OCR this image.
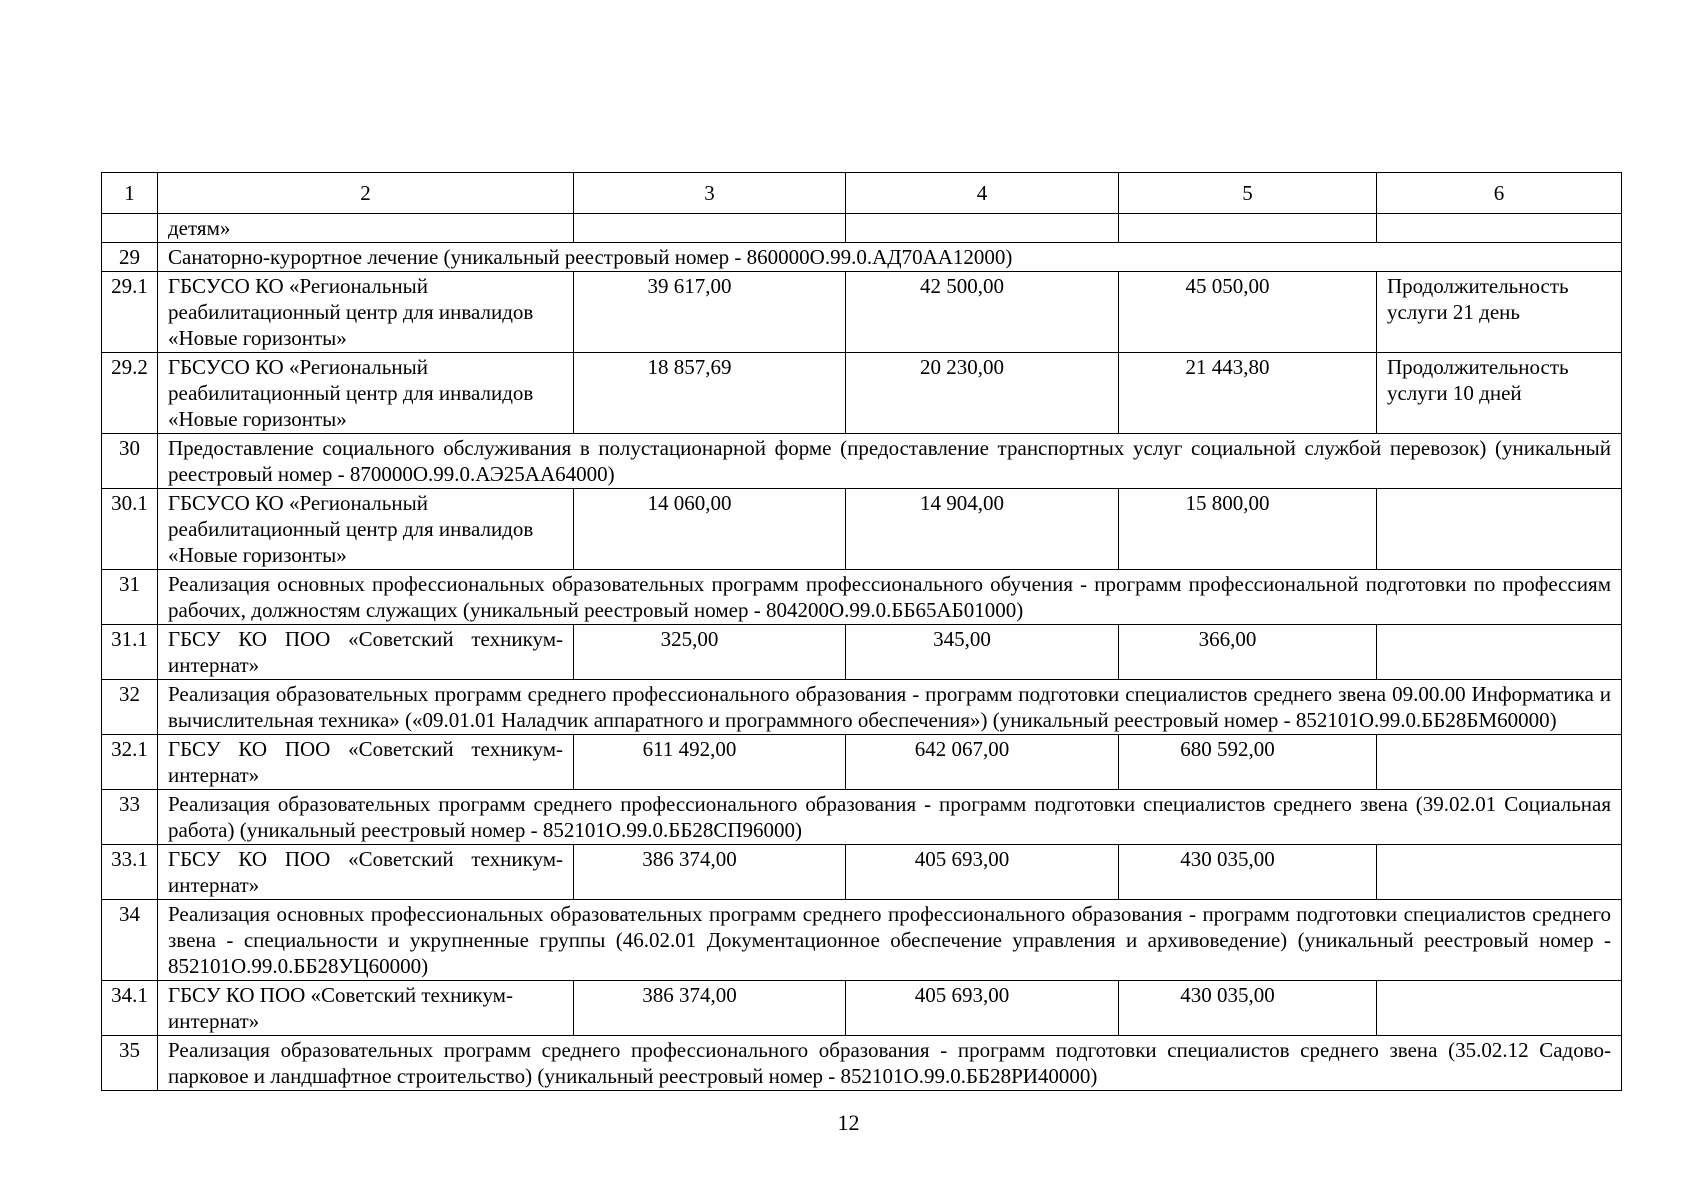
1	2	3	4	5	6
	детям»				
29	Санаторно-курортное лечение (уникальный реестровый номер - 860000О.99.0.АД70АА12000)				
29.1	ГБСУСО КО «Региональный реабилитационный центр для инвалидов «Новые горизонты»	39 617,00	42 500,00	45 050,00	Продолжительность услуги 21 день
29.2	ГБСУСО КО «Региональный реабилитационный центр для инвалидов «Новые горизонты»	18 857,69	20 230,00	21 443,80	Продолжительность услуги 10 дней
30	Предоставление социального обслуживания в полустационарной форме (предоставление транспортных услуг социальной службой перевозок) (уникальный реестровый номер - 870000О.99.0.АЭ25АА64000)				
30.1	ГБСУСО КО «Региональный реабилитационный центр для инвалидов «Новые горизонты»	14 060,00	14 904,00	15 800,00	
31	Реализация основных профессиональных образовательных программ профессионального обучения - программ профессиональной подготовки по профессиям рабочих, должностям служащих (уникальный реестровый номер - 804200О.99.0.ББ65АБ01000)				
31.1	ГБСУ КО ПОО «Советский техникум-интернат»	325,00	345,00	366,00	
32	Реализация образовательных программ среднего профессионального образования - программ подготовки специалистов среднего звена 09.00.00 Информатика и вычислительная техника» («09.01.01 Наладчик аппаратного и программного обеспечения») (уникальный реестровый номер - 852101О.99.0.ББ28БМ60000)				
32.1	ГБСУ КО ПОО «Советский техникум-интернат»	611 492,00	642 067,00	680 592,00	
33	Реализация образовательных программ среднего профессионального образования - программ подготовки специалистов среднего звена (39.02.01 Социальная работа) (уникальный реестровый номер - 852101О.99.0.ББ28СП96000)				
33.1	ГБСУ КО ПОО «Советский техникум-интернат»	386 374,00	405 693,00	430 035,00	
34	Реализация основных профессиональных образовательных программ среднего профессионального образования - программ подготовки специалистов среднего звена - специальности и укрупненные группы (46.02.01 Документационное обеспечение управления и архивоведение) (уникальный реестровый номер - 852101О.99.0.ББ28УЦ60000)				
34.1	ГБСУ КО ПОО «Советский техникум-интернат»	386 374,00	405 693,00	430 035,00	
35	Реализация образовательных программ среднего профессионального образования - программ подготовки специалистов среднего звена (35.02.12 Садово-парковое и ландшафтное строительство) (уникальный реестровый номер - 852101О.99.0.ББ28РИ40000)				
12
